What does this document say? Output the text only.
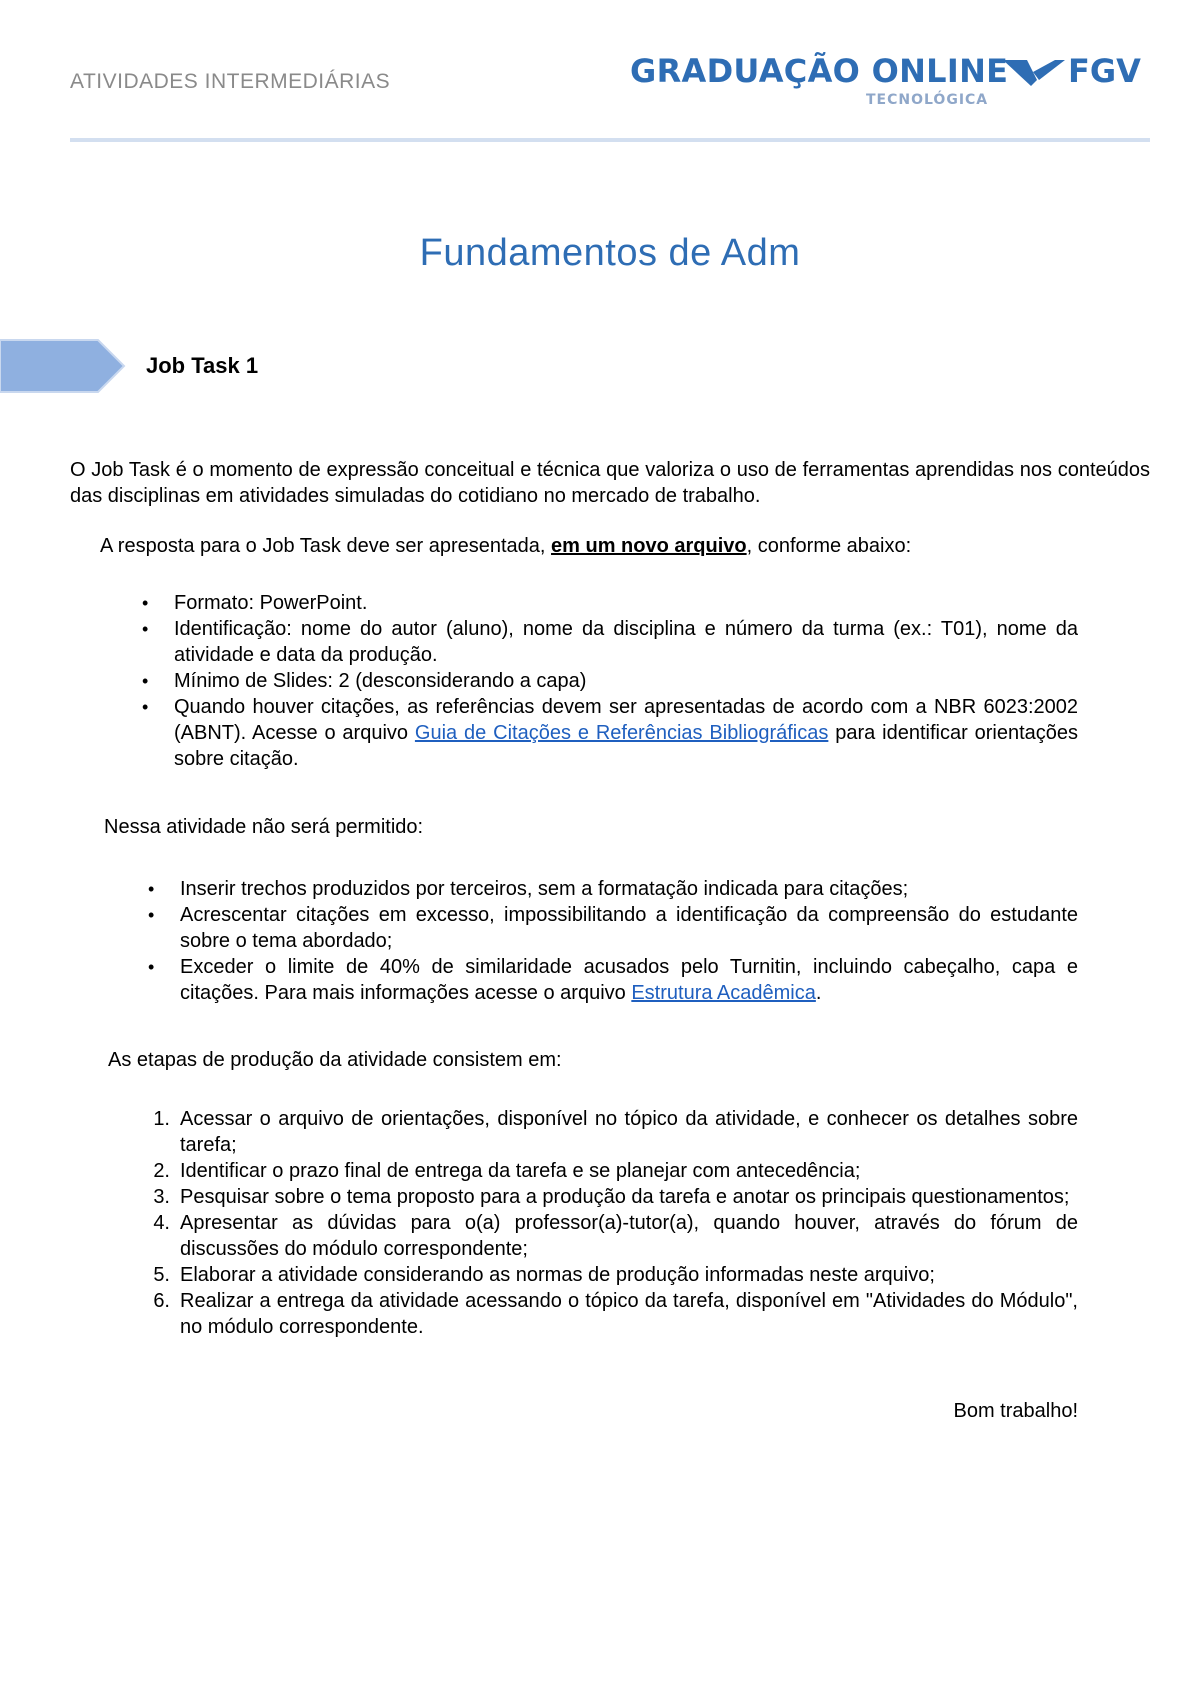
ATIVIDADES INTERMEDIÁRIAS	GRADUAÇÃO ONLINE FGV
TECNOLÓGICA
Fundamentos de Adm
Job Task 1
O Job Task é o momento de expressão conceitual e técnica que valoriza o uso de ferramentas aprendidas nos conteúdos das disciplinas em atividades simuladas do cotidiano no mercado de trabalho.
A resposta para o Job Task deve ser apresentada, em um novo arquivo, conforme abaixo:
• Formato: PowerPoint.
• Identificação: nome do autor (aluno), nome da disciplina e número da turma (ex.: T01), nome da atividade e data da produção.
• Mínimo de Slides: 2 (desconsiderando a capa)
• Quando houver citações, as referências devem ser apresentadas de acordo com a NBR 6023:2002 (ABNT). Acesse o arquivo Guia de Citações e Referências Bibliográficas para identificar orientações sobre citação.
Nessa atividade não será permitido:
• Inserir trechos produzidos por terceiros, sem a formatação indicada para citações;
• Acrescentar citações em excesso, impossibilitando a identificação da compreensão do estudante sobre o tema abordado;
• Exceder o limite de 40% de similaridade acusados pelo Turnitin, incluindo cabeçalho, capa e citações. Para mais informações acesse o arquivo Estrutura Acadêmica.
As etapas de produção da atividade consistem em:
1. Acessar o arquivo de orientações, disponível no tópico da atividade, e conhecer os detalhes sobre tarefa;
2. Identificar o prazo final de entrega da tarefa e se planejar com antecedência;
3. Pesquisar sobre o tema proposto para a produção da tarefa e anotar os principais questionamentos;
4. Apresentar as dúvidas para o(a) professor(a)-tutor(a), quando houver, através do fórum de discussões do módulo correspondente;
5. Elaborar a atividade considerando as normas de produção informadas neste arquivo;
6. Realizar a entrega da atividade acessando o tópico da tarefa, disponível em "Atividades do Módulo", no módulo correspondente.
Bom trabalho!
